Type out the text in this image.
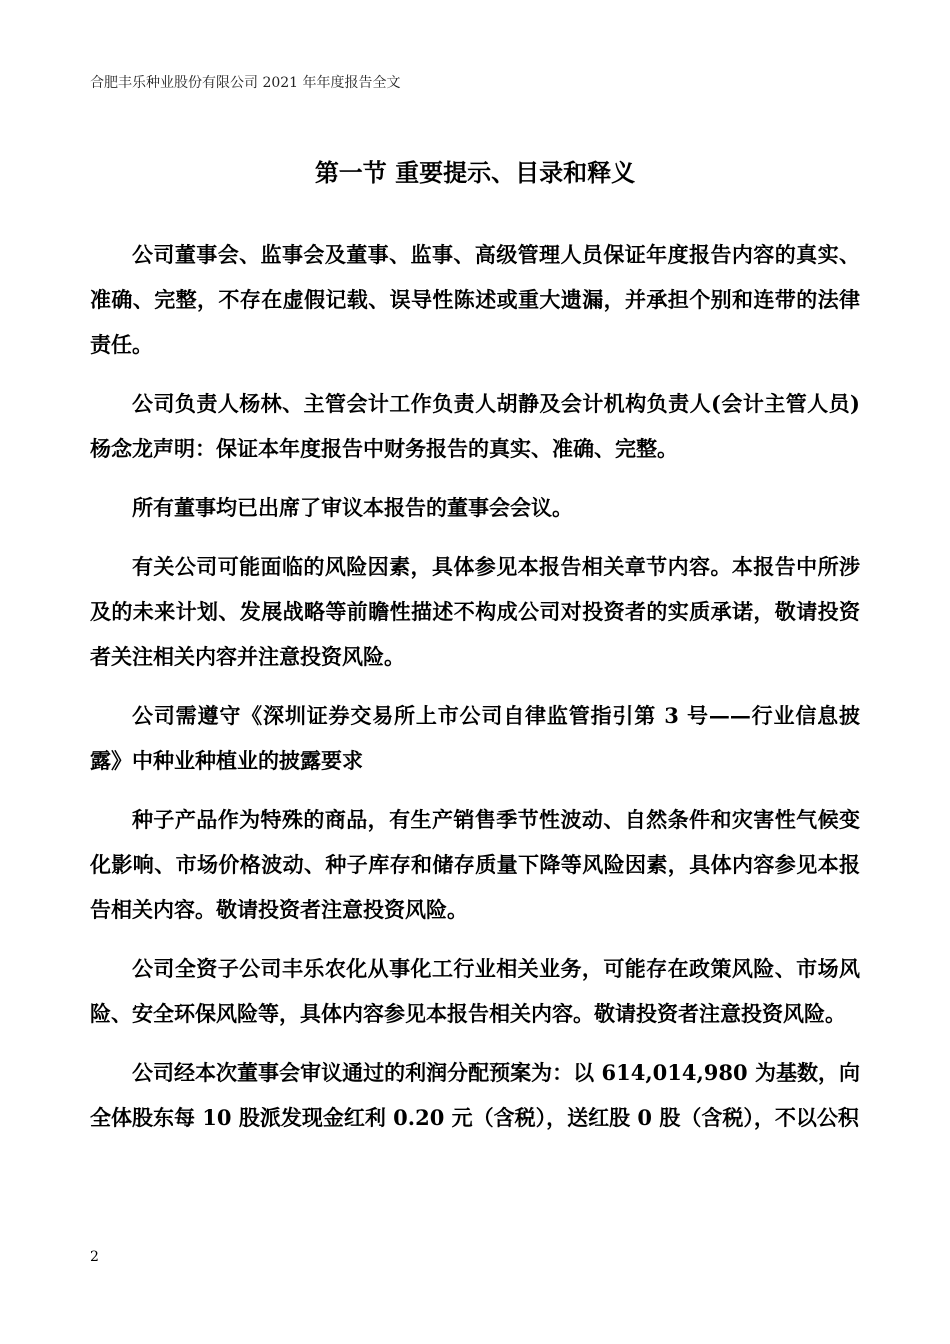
合肥丰乐种业股份有限公司 2021 年年度报告全文
第一节 重要提示、目录和释义

公司董事会、监事会及董事、监事、高级管理人员保证年度报告内容的真实、准确、完整，不存在虚假记载、误导性陈述或重大遗漏，并承担个别和连带的法律责任。

公司负责人杨林、主管会计工作负责人胡静及会计机构负责人(会计主管人员)杨念龙声明：保证本年度报告中财务报告的真实、准确、完整。

所有董事均已出席了审议本报告的董事会会议。

有关公司可能面临的风险因素，具体参见本报告相关章节内容。本报告中所涉及的未来计划、发展战略等前瞻性描述不构成公司对投资者的实质承诺，敬请投资者关注相关内容并注意投资风险。

公司需遵守《深圳证券交易所上市公司自律监管指引第 3 号——行业信息披露》中种业种植业的披露要求

种子产品作为特殊的商品，有生产销售季节性波动、自然条件和灾害性气候变化影响、市场价格波动、种子库存和储存质量下降等风险因素，具体内容参见本报告相关内容。敬请投资者注意投资风险。

公司全资子公司丰乐农化从事化工行业相关业务，可能存在政策风险、市场风险、安全环保风险等，具体内容参见本报告相关内容。敬请投资者注意投资风险。

公司经本次董事会审议通过的利润分配预案为：以 614,014,980 为基数，向全体股东每 10 股派发现金红利 0.20 元（含税），送红股 0 股（含税），不以公积

2
